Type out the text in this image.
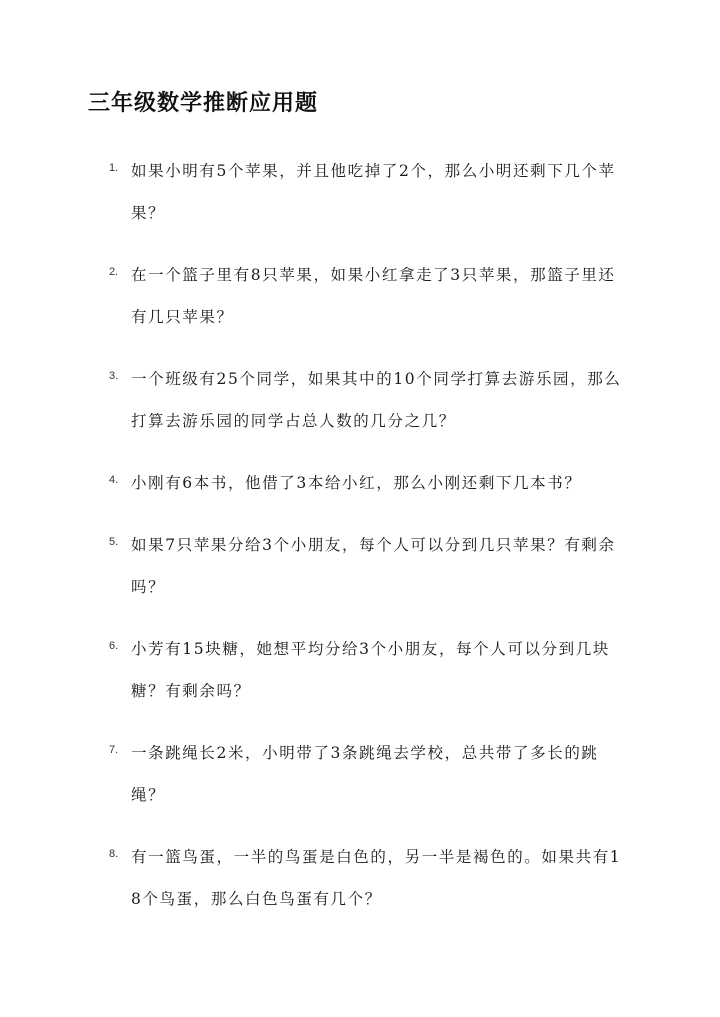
三年级数学推断应用题
1. 如果小明有5个苹果，并且他吃掉了2个，那么小明还剩下几个苹果？

2. 在一个篮子里有8只苹果，如果小红拿走了3只苹果，那篮子里还有几只苹果？

3. 一个班级有25个同学，如果其中的10个同学打算去游乐园，那么打算去游乐园的同学占总人数的几分之几？

4. 小刚有6本书，他借了3本给小红，那么小刚还剩下几本书？

5. 如果7只苹果分给3个小朋友，每个人可以分到几只苹果？有剩余吗？

6. 小芳有15块糖，她想平均分给3个小朋友，每个人可以分到几块糖？有剩余吗？

7. 一条跳绳长2米，小明带了3条跳绳去学校，总共带了多长的跳绳？

8. 有一篮鸟蛋，一半的鸟蛋是白色的，另一半是褐色的。如果共有18个鸟蛋，那么白色鸟蛋有几个？
